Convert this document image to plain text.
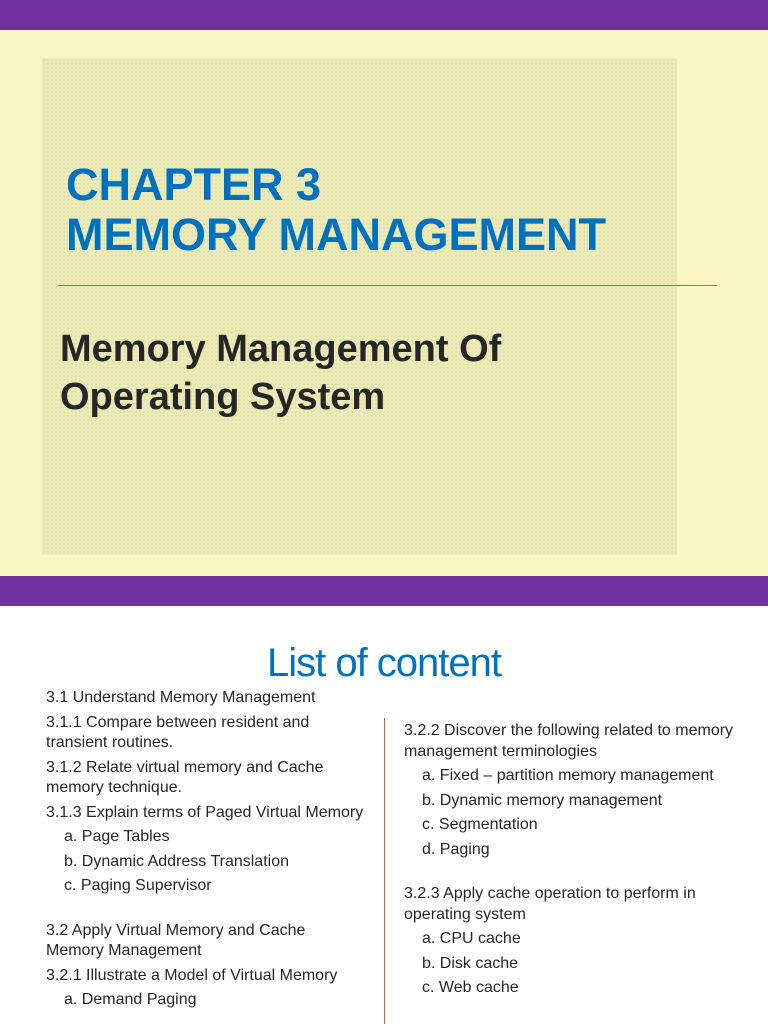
CHAPTER 3
MEMORY MANAGEMENT
Memory Management Of
Operating System
List of content
3.1 Understand Memory Management
3.1.1 Compare between resident and transient routines.
3.1.2 Relate virtual memory and Cache memory technique.
3.1.3 Explain terms of Paged Virtual Memory
a. Page Tables
b. Dynamic Address Translation
c. Paging Supervisor
3.2 Apply Virtual Memory and Cache Memory Management
3.2.1 Illustrate a Model of Virtual Memory
a. Demand Paging
3.2.2 Discover the following related to memory management terminologies
a. Fixed – partition memory management
b. Dynamic memory management
c. Segmentation
d. Paging
3.2.3 Apply cache operation to perform in operating system
a. CPU cache
b. Disk cache
c. Web cache
